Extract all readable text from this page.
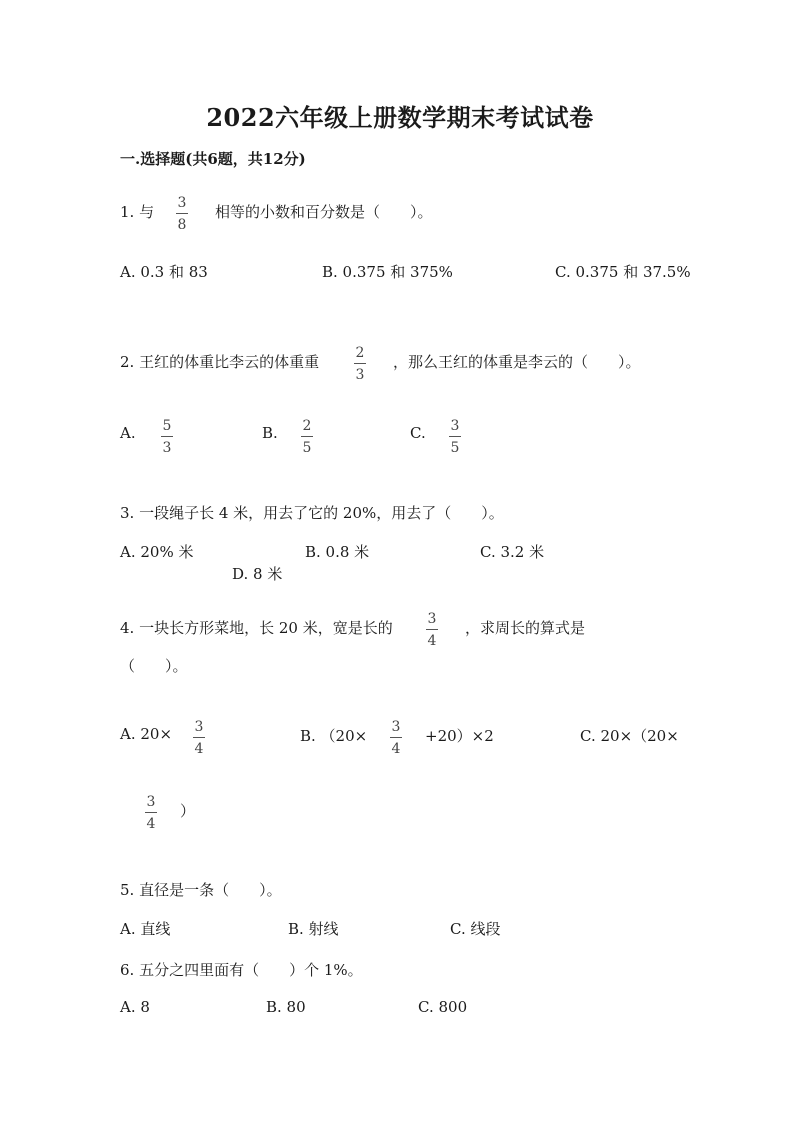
2022六年级上册数学期末考试试卷
一.选择题(共6题，共12分)
1. 与 3
8
相等的小数和百分数是（　　）。
A. 0.3 和 83	B. 0.375 和 375%	C. 0.375 和 37.5%
2. 王红的体重比李云的体重重	2
3
，那么王红的体重是李云的（　　）。
A. 5
3
B. 2
5
C. 3
5
3. 一段绳子长 4 米，用去了它的 20%，用去了（　　）。
A. 20% 米	B. 0.8 米	C. 3.2 米
D. 8 米
4. 一块长方形菜地，长 20 米，宽是长的 3
4
，求周长的算式是
（　　）。
A. 20× 3
4
B. （20× 3
4
+20）×2	C. 20×（20×
3
4
）
5. 直径是一条（　　）。
A. 直线	B. 射线	C. 线段
6. 五分之四里面有（　　）个 1%。
A. 8	B. 80	C. 800
